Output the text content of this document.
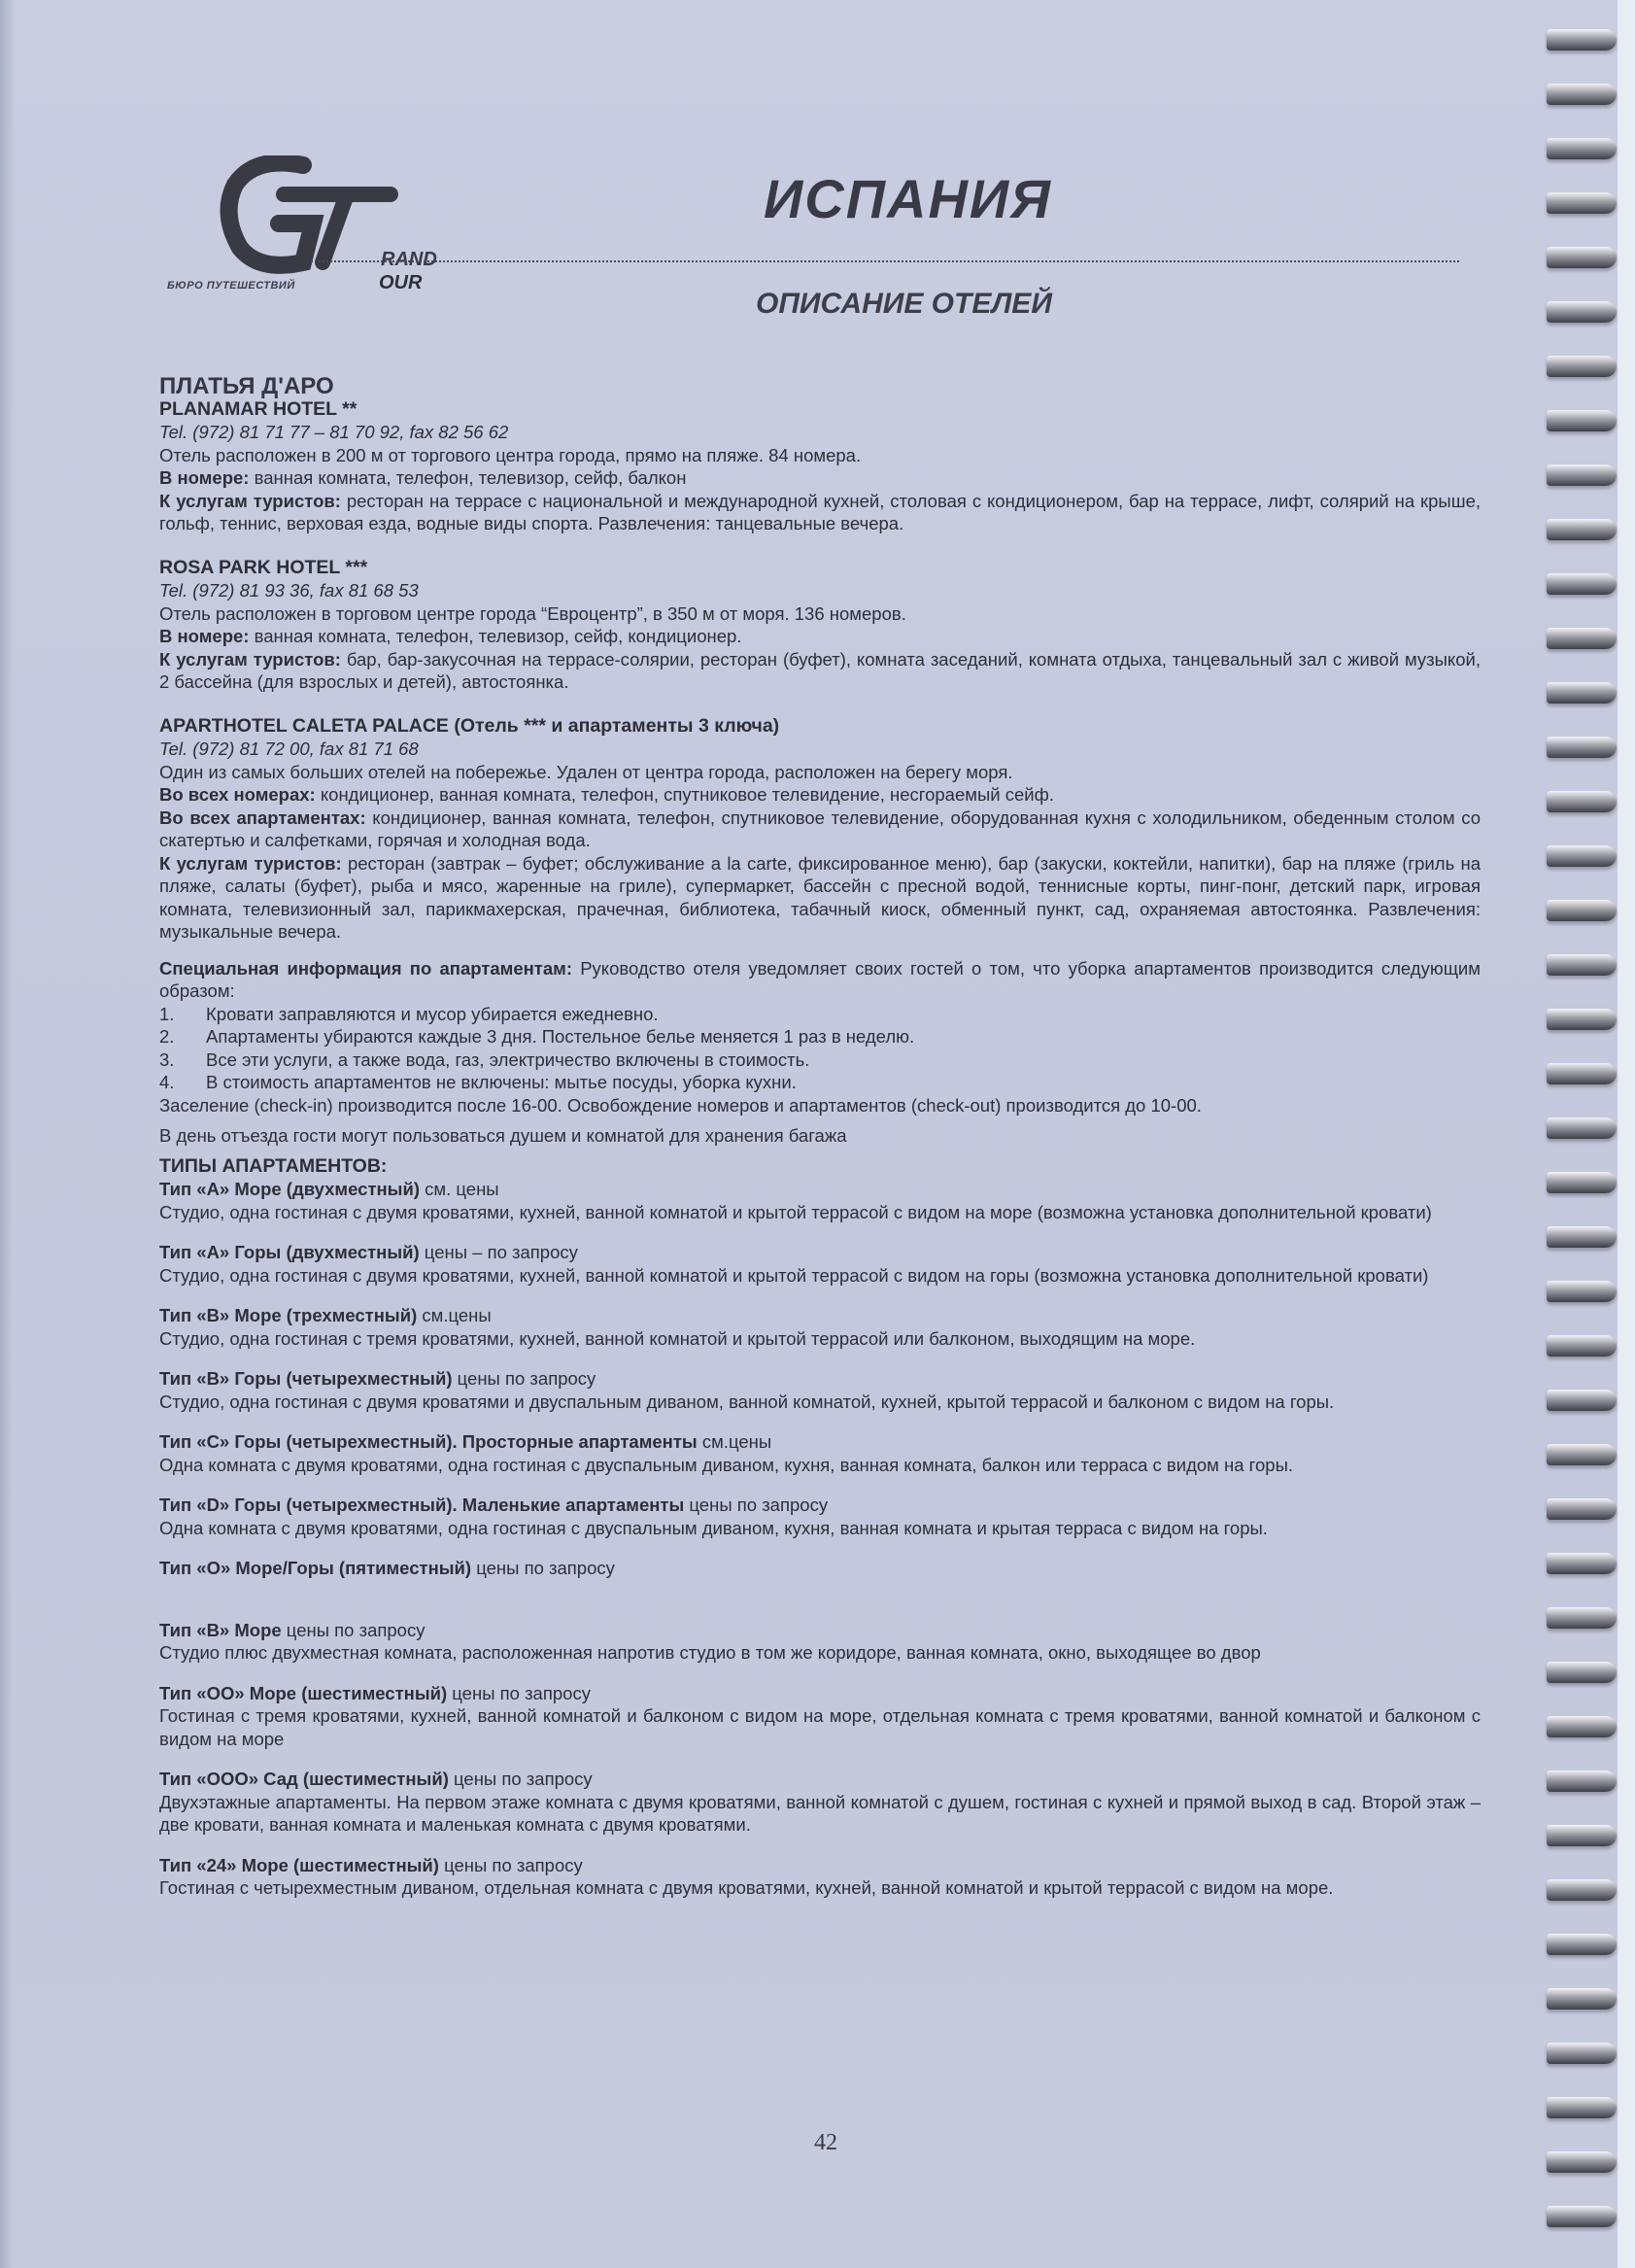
RAND
OUR
БЮРО ПУТЕШЕСТВИЙ
ИСПАНИЯ
ОПИСАНИЕ ОТЕЛЕЙ

ПЛАТЬЯ Д'АРО

PLANAMAR HOTEL **

Tel. (972) 81 71 77 – 81 70 92, fax 82 56 62

Отель расположен в 200 м от торгового центра города, прямо на пляже. 84 номера.

В номере: ванная комната, телефон, телевизор, сейф, балкон

К услугам туристов: ресторан на террасе с национальной и международной кухней, столовая с кондиционером, бар на террасе, лифт, солярий на крыше, гольф, теннис, верховая езда, водные виды спорта. Развлечения: танцевальные вечера.

ROSA PARK HOTEL ***

Tel. (972) 81 93 36, fax 81 68 53

Отель расположен в торговом центре города “Евроцентр”, в 350 м от моря. 136 номеров.

В номере: ванная комната, телефон, телевизор, сейф, кондиционер.

К услугам туристов: бар, бар-закусочная на террасе-солярии, ресторан (буфет), комната заседаний, комната отдыха, танцевальный зал с живой музыкой, 2 бассейна (для взрослых и детей), автостоянка.

APARTHOTEL CALETA PALACE (Отель *** и апартаменты 3 ключа)

Tel. (972) 81 72 00, fax 81 71 68

Один из самых больших отелей на побережье. Удален от центра города, расположен на берегу моря.

Во всех номерах: кондиционер, ванная комната, телефон, спутниковое телевидение, несгораемый сейф.

Во всех апартаментах: кондиционер, ванная комната, телефон, спутниковое телевидение, оборудованная кухня с холодильником, обеденным столом со скатертью и салфетками, горячая и холодная вода.

К услугам туристов: ресторан (завтрак – буфет; обслуживание a la carte, фиксированное меню), бар (закуски, коктейли, напитки), бар на пляже (гриль на пляже, салаты (буфет), рыба и мясо, жаренные на гриле), супермаркет, бассейн с пресной водой, теннисные корты, пинг-понг, детский парк, игровая комната, телевизионный зал, парикмахерская, прачечная, библиотека, табачный киоск, обменный пункт, сад, охраняемая автостоянка. Развлечения: музыкальные вечера.

Специальная информация по апартаментам: Руководство отеля уведомляет своих гостей о том, что уборка апартаментов производится следующим образом:

1.	Кровати заправляются и мусор убирается ежедневно.
2.	Апартаменты убираются каждые 3 дня. Постельное белье меняется 1 раз в неделю.
3.	Все эти услуги, а также вода, газ, электричество включены в стоимость.
4.	В стоимость апартаментов не включены: мытье посуды, уборка кухни.

Заселение (check-in) производится после 16-00. Освобождение номеров и апартаментов (check-out) производится до 10-00.

В день отъезда гости могут пользоваться душем и комнатой для хранения багажа

ТИПЫ АПАРТАМЕНТОВ:

Тип «А» Море (двухместный) см. цены

Студио, одна гостиная с двумя кроватями, кухней, ванной комнатой и крытой террасой с видом на море (возможна установка дополнительной кровати)

Тип «А» Горы (двухместный) цены – по запросу

Студио, одна гостиная с двумя кроватями, кухней, ванной комнатой и крытой террасой с видом на горы (возможна установка дополнительной кровати)

Тип «В» Море (трехместный) см.цены

Студио, одна гостиная с тремя кроватями, кухней, ванной комнатой и крытой террасой или балконом, выходящим на море.

Тип «В» Горы (четырехместный) цены по запросу

Студио, одна гостиная с двумя кроватями и двуспальным диваном, ванной комнатой, кухней, крытой террасой и балконом с видом на горы.

Тип «С» Горы (четырехместный). Просторные апартаменты см.цены

Одна комната с двумя кроватями, одна гостиная с двуспальным диваном, кухня, ванная комната, балкон или терраса с видом на горы.

Тип «D» Горы (четырехместный). Маленькие апартаменты цены по запросу

Одна комната с двумя кроватями, одна гостиная с двуспальным диваном, кухня, ванная комната и крытая терраса с видом на горы.

Тип «О» Море/Горы (пятиместный) цены по запросу

Тип «В» Море цены по запросу

Студио плюс двухместная комната, расположенная напротив студио в том же коридоре, ванная комната, окно, выходящее во двор

Тип «ОО» Море (шестиместный) цены по запросу

Гостиная с тремя кроватями, кухней, ванной комнатой и балконом с видом на море, отдельная комната с тремя кроватями, ванной комнатой и балконом с видом на море

Тип «ООО» Сад (шестиместный) цены по запросу

Двухэтажные апартаменты. На первом этаже комната с двумя кроватями, ванной комнатой с душем, гостиная с кухней и прямой выход в сад. Второй этаж – две кровати, ванная комната и маленькая комната с двумя кроватями.

Тип «24» Море (шестиместный) цены по запросу

Гостиная с четырехместным диваном, отдельная комната с двумя кроватями, кухней, ванной комнатой и крытой террасой с видом на море.

42
